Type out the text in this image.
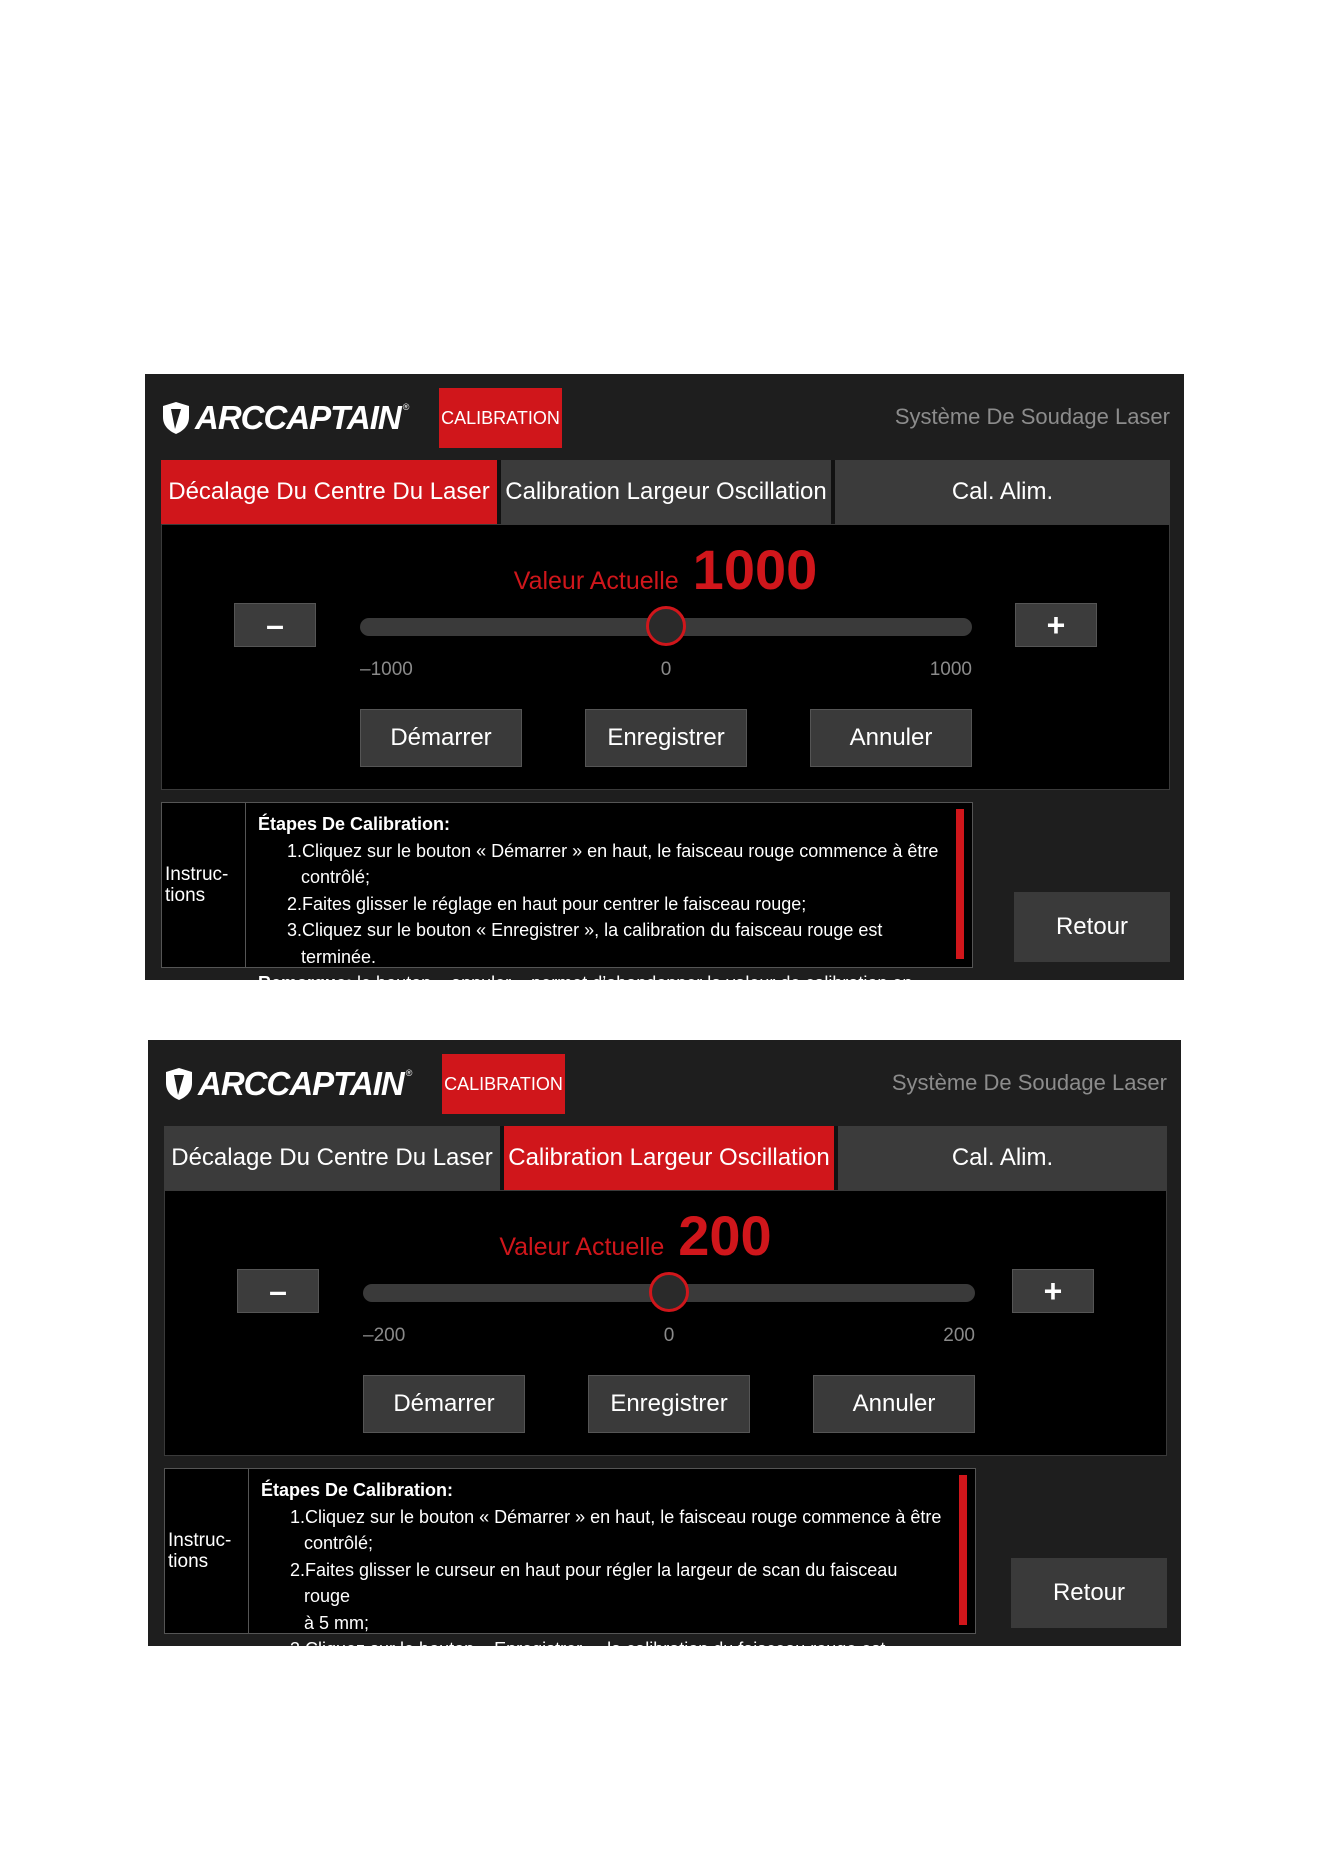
ARCCAPTAIN ®
CALIBRATION	Système De Soudage Laser
Décalage Du Centre Du Laser Calibration Largeur Oscillation	Cal. Alim.
Valeur Actuelle 1000
–	+
–1000	0	1000
Démarrer	Enregistrer	Annuler
Instruc-
tions
Étapes De Calibration:
1.Cliquez sur le bouton « Démarrer » en haut, le faisceau rouge commence à être
contrôlé;
2.Faites glisser le réglage en haut pour centrer le faisceau rouge;
3.Cliquez sur le bouton « Enregistrer », la calibration du faisceau rouge est terminée.
Remarque: le bouton « annuler » permet d’abandonner la valeur de calibration en cours.
Retour
ARCCAPTAIN ®
CALIBRATION	Système De Soudage Laser
Décalage Du Centre Du Laser Calibration Largeur Oscillation	Cal. Alim.
Valeur Actuelle 200
–	+
–200	0	200
Démarrer	Enregistrer	Annuler
Instruc-
tions
Étapes De Calibration:
1.Cliquez sur le bouton « Démarrer » en haut, le faisceau rouge commence à être
contrôlé;
2.Faites glisser le curseur en haut pour régler la largeur de scan du faisceau rouge
à 5 mm;
3.Cliquez sur le bouton « Enregistrer », la calibration du faisceau rouge est terminée.
Retour
